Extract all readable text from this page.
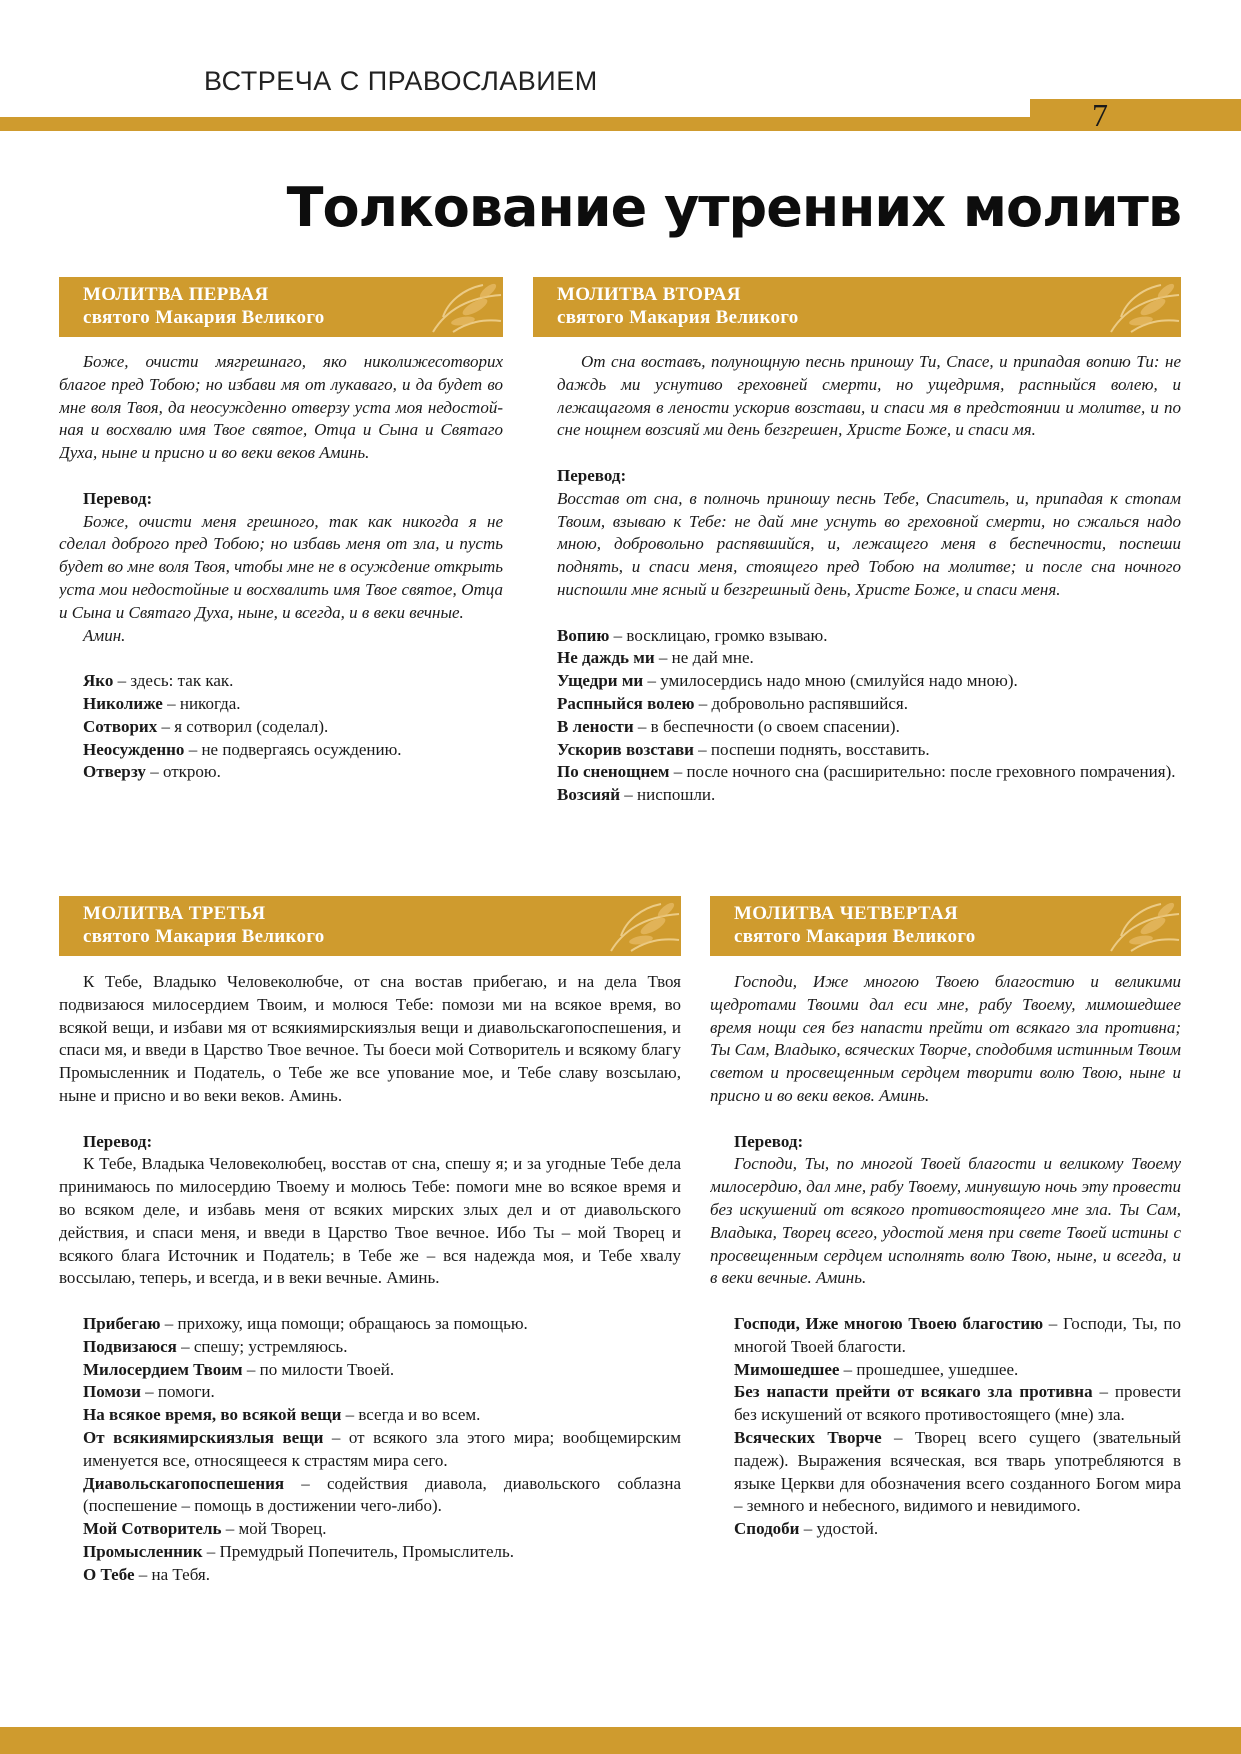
ВСТРЕЧА С ПРАВОСЛАВИЕМ
7
Толкование утренних молитв
МОЛИТВА ПЕРВАЯ
святого Макария Великого

Боже, очисти мягрешнаго, яко николижесотворих благое пред Тобою; но избави мя от лукаваго, и да будет во мне воля Твоя, да неосужденно отверзу уста моя недостойная и восхвалю имя Твое святое, Отца и Сына и Святаго Духа, ныне и присно и во веки веков Аминь.

Перевод:

Боже, очисти меня грешного, так как никогда я не сделал доброго пред Тобою; но избавь меня от зла, и пусть будет во мне воля Твоя, чтобы мне не в осуждение открыть уста мои недостойные и восхвалить имя Твое святое, Отца и Сына и Святаго Духа, ныне, и всегда, и в веки вечные.

Амин.

Яко – здесь: так как.

Николиже – никогда.

Сотворих – я сотворил (соделал).

Неосужденно – не подвергаясь осуждению.

Отверзу – открою.

МОЛИТВА ВТОРАЯ
святого Макария Великого

От сна воставъ, полунощную песнь приношу Ти, Спасе, и припадая вопию Ти: не даждь ми уснутиво греховней смерти, но ущедримя, распныйся волею, и лежащагомя в лености ускорив возстави, и спаси мя в предстоянии и молитве, и по сне нощнем возсияй ми день безгрешен, Христе Боже, и спаси мя.

Перевод:

Восстав от сна, в полночь приношу песнь Тебе, Спаситель, и, припадая к стопам Твоим, взываю к Тебе: не дай мне уснуть во греховной смерти, но сжалься надо мною, добровольно распявшийся, и, лежащего меня в беспечности, поспеши поднять, и спаси меня, стоящего пред Тобою на молитве; и после сна ночного ниспошли мне ясный и безгрешный день, Христе Боже, и спаси меня.

Вопию – восклицаю, громко взываю.

Не даждь ми – не дай мне.

Ущедри ми – умилосердись надо мною (смилуйся надо мною).

Распныйся волею – добровольно распявшийся.

В лености – в беспечности (о своем спасении).

Ускорив возстави – поспеши поднять, восставить.

По сненощнем – после ночного сна (расширительно: после греховного помрачения).

Возсияй – ниспошли.

МОЛИТВА ТРЕТЬЯ
святого Макария Великого

К Тебе, Владыко Человеколюбче, от сна востав прибегаю, и на дела Твоя подвизаюся милосердием Твоим, и молюся Тебе: помози ми на всякое время, во всякой вещи, и избави мя от всякиямирскиязлыя вещи и диавольскагопоспешения, и спаси мя, и введи в Царство Твое вечное. Ты боеси мой Сотворитель и всякому благу Промысленник и Податель, о Тебе же все упование мое, и Тебе славу возсылаю, ныне и присно и во веки веков. Аминь.

Перевод:

К Тебе, Владыка Человеколюбец, восстав от сна, спешу я; и за угодные Тебе дела принимаюсь по милосердию Твоему и молюсь Тебе: помоги мне во всякое время и во всяком деле, и избавь меня от всяких мирских злых дел и от диавольского действия, и спаси меня, и введи в Царство Твое вечное. Ибо Ты – мой Творец и всякого блага Источник и Податель; в Тебе же – вся надежда моя, и Тебе хвалу воссылаю, теперь, и всегда, и в веки вечные. Аминь.

Прибегаю – прихожу, ища помощи; обращаюсь за помощью.

Подвизаюся – спешу; устремляюсь.

Милосердием Твоим – по милости Твоей.

Помози – помоги.

На всякое время, во всякой вещи – всегда и во всем.

От всякиямирскиязлыя вещи – от всякого зла этого мира; вообщемирским именуется все, относящееся к страстям мира сего.

Диавольскагопоспешения – содействия диавола, диавольского соблазна (поспешение – помощь в достижении чего-либо).

Мой Сотворитель – мой Творец.

Промысленник – Премудрый Попечитель, Промыслитель.

О Тебе – на Тебя.

МОЛИТВА ЧЕТВЕРТАЯ
святого Макария Великого

Господи, Иже многою Твоею благостию и великими щедротами Твоими дал еси мне, рабу Твоему, мимошедшее время нощи сея без напасти прейти от всякаго зла противна; Ты Сам, Владыко, всяческих Творче, сподобимя истинным Твоим светом и просвещенным сердцем творити волю Твою, ныне и присно и во веки веков. Аминь.

Перевод:

Господи, Ты, по многой Твоей благости и великому Твоему милосердию, дал мне, рабу Твоему, минувшую ночь эту провести без искушений от всякого противостоящего мне зла. Ты Сам, Владыка, Творец всего, удостой меня при свете Твоей истины с просвещенным сердцем исполнять волю Твою, ныне, и всегда, и в веки вечные. Аминь.

Господи, Иже многою Твоею благостию – Господи, Ты, по многой Твоей благости.

Мимошедшее – прошедшее, ушедшее.

Без напасти прейти от всякаго зла противна – провести без искушений от всякого противостоящего (мне) зла.

Всяческих Творче – Творец всего сущего (звательный падеж). Выражения всяческая, вся тварь употребляются в языке Церкви для обозначения всего созданного Богом мира – земного и небесного, видимого и невидимого.

Сподоби – удостой.
